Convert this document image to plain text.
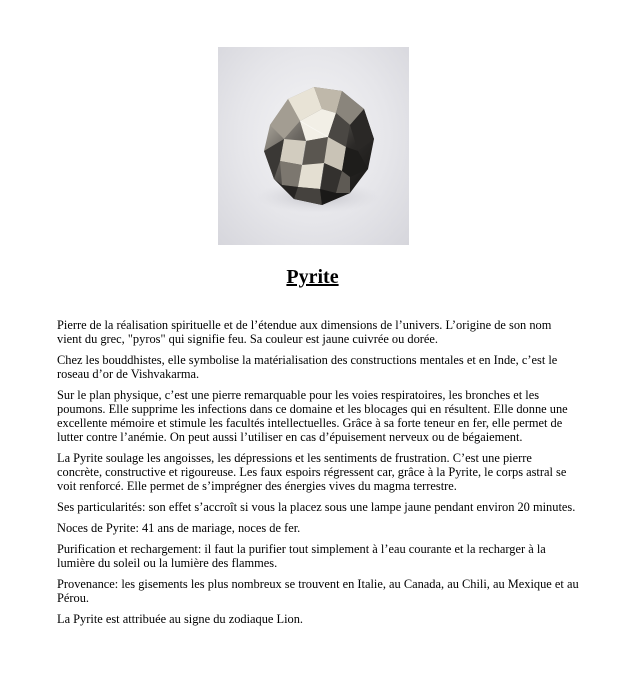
Pyrite

Pierre de la réalisation spirituelle et de l’étendue aux dimensions de l’univers. L’origine de son nom vient du grec, "pyros" qui signifie feu. Sa couleur est jaune cuivrée ou dorée.

Chez les bouddhistes, elle symbolise la matérialisation des constructions mentales et en Inde, c’est le roseau d’or de Vishvakarma.

Sur le plan physique, c’est une pierre remarquable pour les voies respiratoires, les bronches et les poumons. Elle supprime les infections dans ce domaine et les blocages qui en résultent. Elle donne une excellente mémoire et stimule les facultés intellectuelles. Grâce à sa forte teneur en fer, elle permet de lutter contre l’anémie. On peut aussi l’utiliser en cas d’épuisement nerveux ou de bégaiement.

La Pyrite soulage les angoisses, les dépressions et les sentiments de frustration. C’est une pierre concrète, constructive et rigoureuse. Les faux espoirs régressent car, grâce à la Pyrite, le corps astral se voit renforcé. Elle permet de s’imprégner des énergies vives du magma terrestre.

Ses particularités: son effet s’accroît si vous la placez sous une lampe jaune pendant environ 20 minutes.

Noces de Pyrite: 41 ans de mariage, noces de fer.

Purification et rechargement: il faut la purifier tout simplement à l’eau courante et la recharger à la lumière du soleil ou la lumière des flammes.

Provenance: les gisements les plus nombreux se trouvent en Italie, au Canada, au Chili, au Mexique et au Pérou.

La Pyrite est attribuée au signe du zodiaque Lion.
